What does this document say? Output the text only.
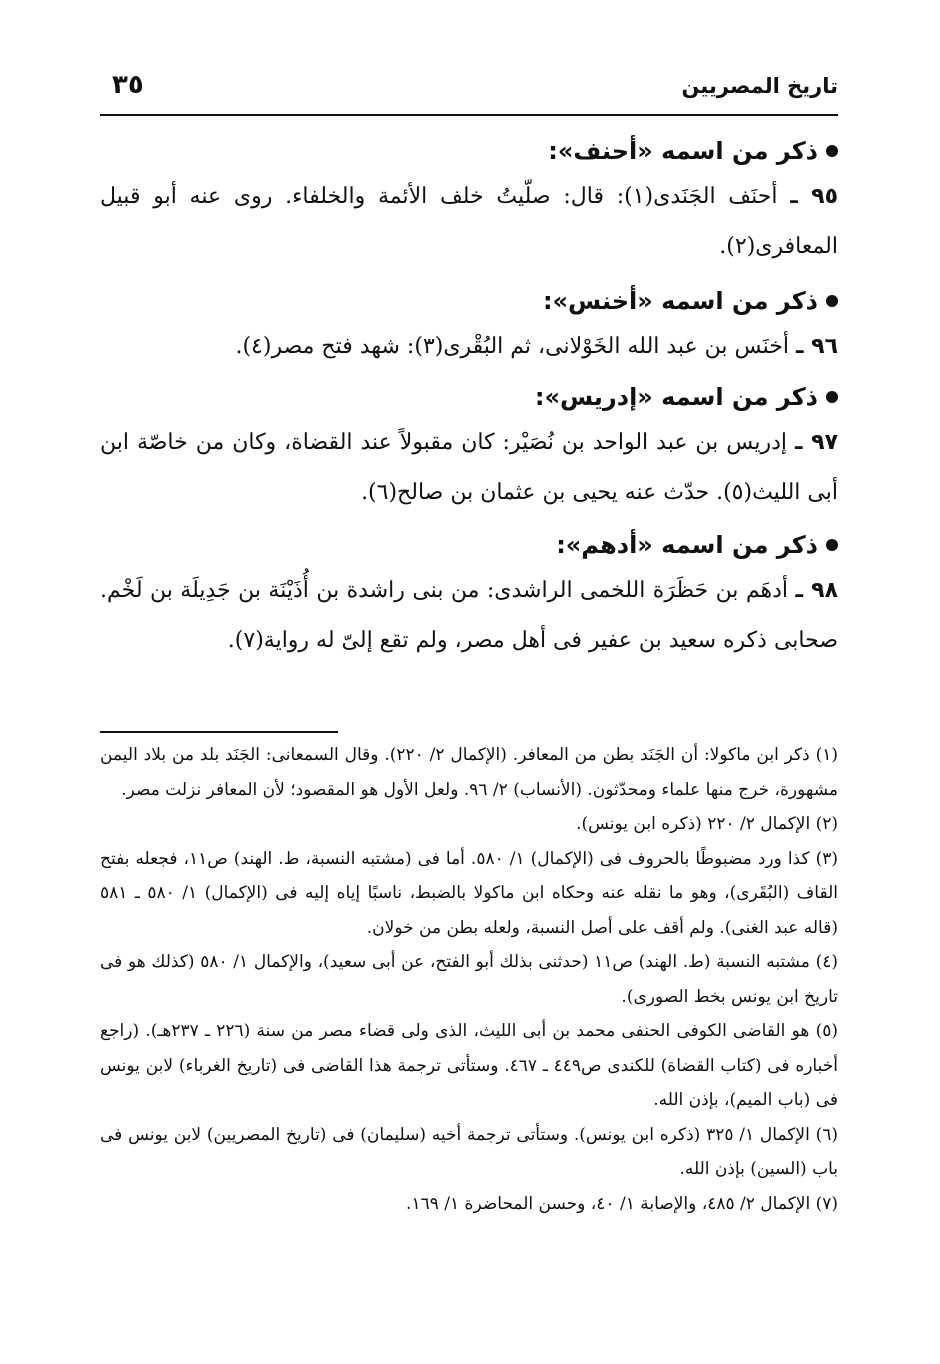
تاريخ المصريين
٣٥
ذكر من اسمه «أحنف»:

٩٥ ـ أحنَف الجَنَدى(١): قال: صلّيتُ خلف الأئمة والخلفاء. روى عنه أبو قبيل المعافرى(٢).

ذكر من اسمه «أخنس»:

٩٦ ـ أخنَس بن عبد الله الخَوْلانى، ثم البُقْرى(٣): شهد فتح مصر(٤).

ذكر من اسمه «إدريس»:

٩٧ ـ إدريس بن عبد الواحد بن نُصَيْر: كان مقبولاً عند القضاة، وكان من خاصّة ابن أبى الليث(٥). حدّث عنه يحيى بن عثمان بن صالح(٦).

ذكر من اسمه «أدهم»:

٩٨ ـ أدهَم بن حَظَرَة اللخمى الراشدى: من بنى راشدة بن أُذَيْنَة بن جَدِيلَة بن لَخْم. صحابى ذكره سعيد بن عفير فى أهل مصر، ولم تقع إلىّ له رواية(٧).

(١) ذكر ابن ماكولا: أن الجَنَد بطن من المعافر. (الإكمال ٢/ ٢٢٠). وقال السمعانى: الجَنَد بلد من بلاد اليمن مشهورة، خرج منها علماء ومحدّثون. (الأنساب) ٢/ ٩٦. ولعل الأول هو المقصود؛ لأن المعافر نزلت مصر.

(٢) الإكمال ٢/ ٢٢٠ (ذكره ابن يونس).

(٣) كذا ورد مضبوطًا بالحروف فى (الإكمال) ١/ ٥٨٠. أما فى (مشتبه النسبة، ط. الهند) ص١١، فجعله بفتح القاف (البُقَرى)، وهو ما نقله عنه وحكاه ابن ماكولا بالضبط، ناسبًا إياه إليه فى (الإكمال) ١/ ٥٨٠ ـ ٥٨١ (قاله عبد الغنى). ولم أقف على أصل النسبة، ولعله بطن من خولان.

(٤) مشتبه النسبة (ط. الهند) ص١١ (حدثنى بذلك أبو الفتح، عن أبى سعيد)، والإكمال ١/ ٥٨٠ (كذلك هو فى تاريخ ابن يونس بخط الصورى).

(٥) هو القاضى الكوفى الحنفى محمد بن أبى الليث، الذى ولى قضاء مصر من سنة (٢٢٦ ـ ٢٣٧هـ). (راجع أخباره فى (كتاب القضاة) للكندى ص٤٤٩ ـ ٤٦٧. وستأتى ترجمة هذا القاضى فى (تاريخ الغرباء) لابن يونس فى (باب الميم)، بإذن الله.

(٦) الإكمال ١/ ٣٢٥ (ذكره ابن يونس). وستأتى ترجمة أخيه (سليمان) فى (تاريخ المصريين) لابن يونس فى باب (السين) بإذن الله.

(٧) الإكمال ٢/ ٤٨٥، والإصابة ١/ ٤٠، وحسن المحاضرة ١/ ١٦٩.
